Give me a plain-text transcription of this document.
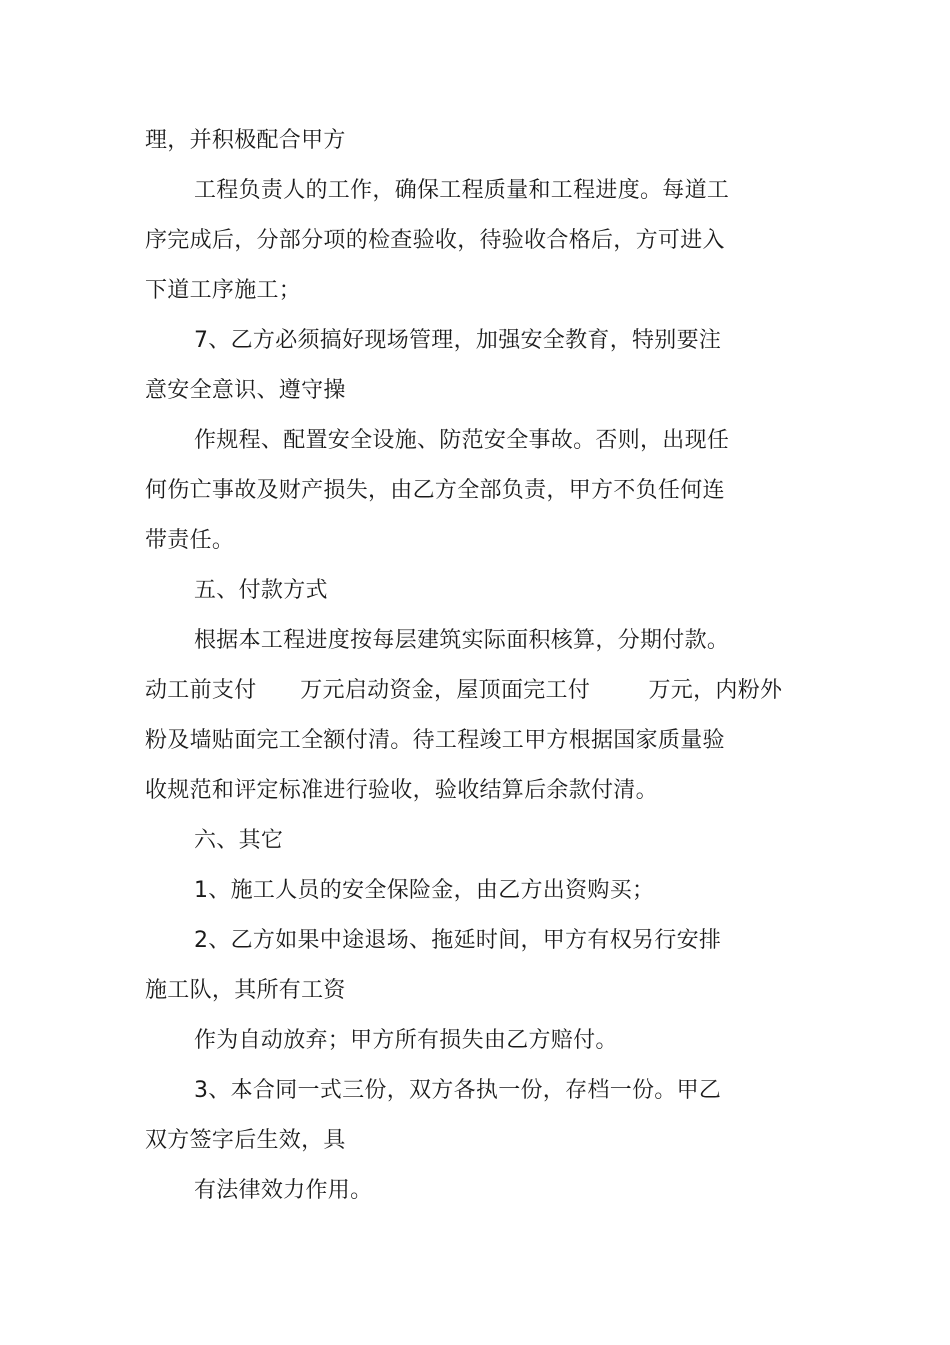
理，并积极配合甲方
工程负责人的工作，确保工程质量和工程进度。每道工
序完成后，分部分项的检查验收，待验收合格后，方可进入
下道工序施工；
7、乙方必须搞好现场管理，加强安全教育，特别要注
意安全意识、遵守操
作规程、配置安全设施、防范安全事故。否则，出现任
何伤亡事故及财产损失，由乙方全部负责，甲方不负任何连
带责任。
五、付款方式
根据本工程进度按每层建筑实际面积核算，分期付款。
动工前支付      万元启动资金，屋顶面完工付        万元，内粉外
粉及墙贴面完工全额付清。待工程竣工甲方根据国家质量验
收规范和评定标准进行验收，验收结算后余款付清。
六、其它
1、施工人员的安全保险金，由乙方出资购买；
2、乙方如果中途退场、拖延时间，甲方有权另行安排
施工队，其所有工资
作为自动放弃；甲方所有损失由乙方赔付。
3、本合同一式三份，双方各执一份，存档一份。甲乙
双方签字后生效，具
有法律效力作用。
